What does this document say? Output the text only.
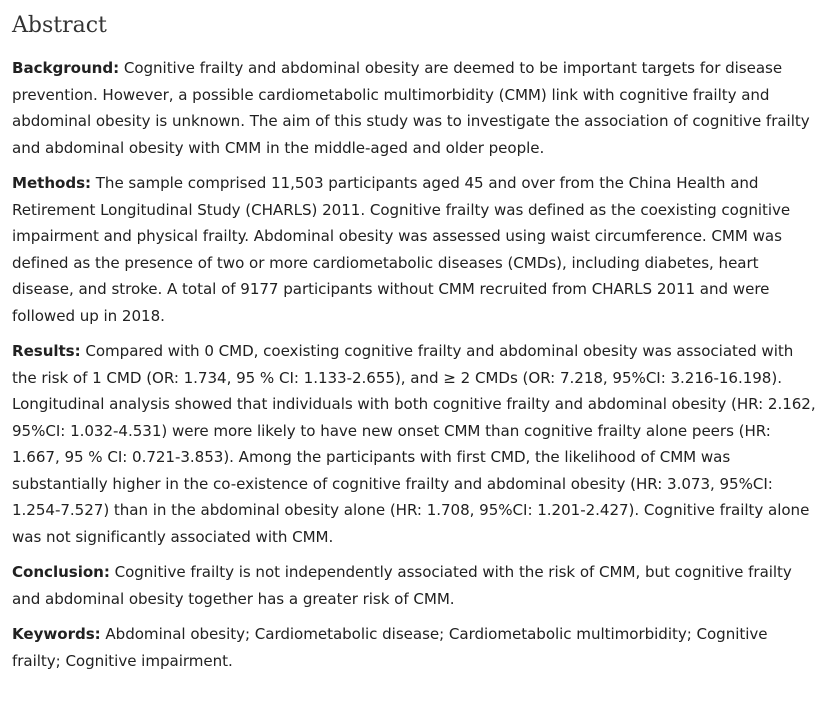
Abstract

Background: Cognitive frailty and abdominal obesity are deemed to be important targets for disease prevention. However, a possible cardiometabolic multimorbidity (CMM) link with cognitive frailty and abdominal obesity is unknown. The aim of this study was to investigate the association of cognitive frailty and abdominal obesity with CMM in the middle-aged and older people.

Methods: The sample comprised 11,503 participants aged 45 and over from the China Health and Retirement Longitudinal Study (CHARLS) 2011. Cognitive frailty was defined as the coexisting cognitive impairment and physical frailty. Abdominal obesity was assessed using waist circumference. CMM was defined as the presence of two or more cardiometabolic diseases (CMDs), including diabetes, heart disease, and stroke. A total of 9177 participants without CMM recruited from CHARLS 2011 and were followed up in 2018.

Results: Compared with 0 CMD, coexisting cognitive frailty and abdominal obesity was associated with the risk of 1 CMD (OR: 1.734, 95 % CI: 1.133-2.655), and ≥ 2 CMDs (OR: 7.218, 95%CI: 3.216-16.198). Longitudinal analysis showed that individuals with both cognitive frailty and abdominal obesity (HR: 2.162, 95%CI: 1.032-4.531) were more likely to have new onset CMM than cognitive frailty alone peers (HR: 1.667, 95 % CI: 0.721-3.853). Among the participants with first CMD, the likelihood of CMM was substantially higher in the co-existence of cognitive frailty and abdominal obesity (HR: 3.073, 95%CI: 1.254-7.527) than in the abdominal obesity alone (HR: 1.708, 95%CI: 1.201-2.427). Cognitive frailty alone was not significantly associated with CMM.

Conclusion: Cognitive frailty is not independently associated with the risk of CMM, but cognitive frailty and abdominal obesity together has a greater risk of CMM.

Keywords: Abdominal obesity; Cardiometabolic disease; Cardiometabolic multimorbidity; Cognitive frailty; Cognitive impairment.
